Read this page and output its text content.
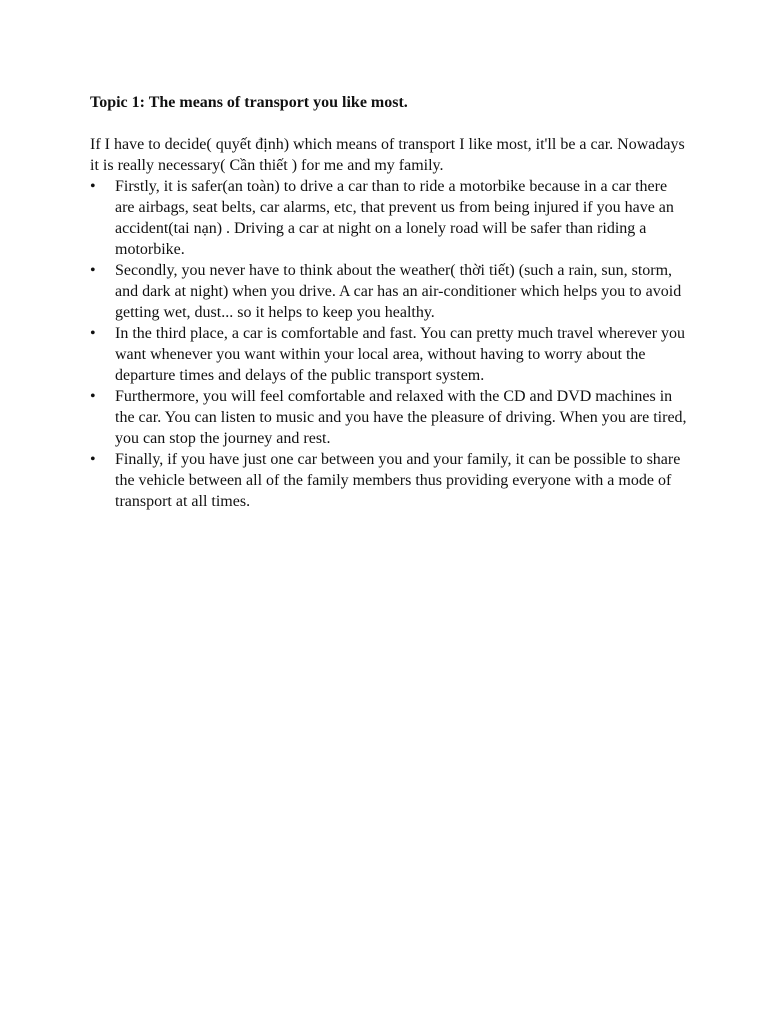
Topic 1: The means of transport you like most.

If I have to decide( quyết định) which means of transport I like most, it'll be a car. Nowadays it is really necessary( Cần thiết ) for me and my family.

•	Firstly, it is safer(an toàn) to drive a car than to ride a motorbike because in a car there are airbags, seat belts, car alarms, etc, that prevent us from being injured if you have an accident(tai nạn) . Driving a car at night on a lonely road will be safer than riding a motorbike.
•	Secondly, you never have to think about the weather( thời tiết) (such a rain, sun, storm, and dark at night) when you drive. A car has an air-conditioner which helps you to avoid getting wet, dust... so it helps to keep you healthy.
•	In the third place, a car is comfortable and fast. You can pretty much travel wherever you want whenever you want within your local area, without having to worry about the departure times and delays of the public transport system.
•	Furthermore, you will feel comfortable and relaxed with the CD and DVD machines in the car. You can listen to music and you have the pleasure of driving. When you are tired, you can stop the journey and rest.
•	Finally, if you have just one car between you and your family, it can be possible to share the vehicle between all of the family members thus providing everyone with a mode of transport at all times.
